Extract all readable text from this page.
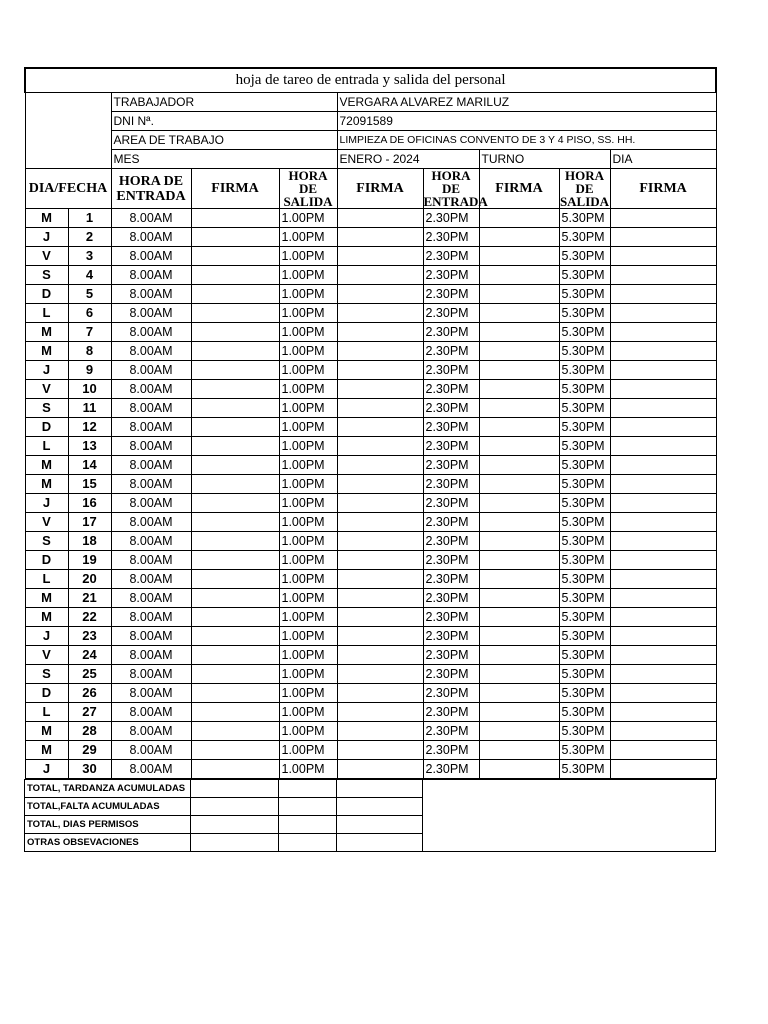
hoja de tareo de entrada y salida del personal										
		TRABAJADOR			VERGARA ALVAREZ MARILUZ					
		DNI Nª.			72091589					
		AREA DE TRABAJO			LIMPIEZA DE OFICINAS CONVENTO DE 3 Y 4 PISO, SS. HH.					
		MES			ENERO - 2024		TURNO		DIA	
DIA/FECHA		HORA DE ENTRADA	FIRMA	HORA DE SALIDA	FIRMA	HORA DE ENTRADA	FIRMA	HORA DE SALIDA	FIRMA	
M	1	8.00AM		1.00PM		2.30PM		5.30PM		
J	2	8.00AM		1.00PM		2.30PM		5.30PM		
V	3	8.00AM		1.00PM		2.30PM		5.30PM		
S	4	8.00AM		1.00PM		2.30PM		5.30PM		
D	5	8.00AM		1.00PM		2.30PM		5.30PM		
L	6	8.00AM		1.00PM		2.30PM		5.30PM		
M	7	8.00AM		1.00PM		2.30PM		5.30PM		
M	8	8.00AM		1.00PM		2.30PM		5.30PM		
J	9	8.00AM		1.00PM		2.30PM		5.30PM		
V	10	8.00AM		1.00PM		2.30PM		5.30PM		
S	11	8.00AM		1.00PM		2.30PM		5.30PM		
D	12	8.00AM		1.00PM		2.30PM		5.30PM		
L	13	8.00AM		1.00PM		2.30PM		5.30PM		
M	14	8.00AM		1.00PM		2.30PM		5.30PM		
M	15	8.00AM		1.00PM		2.30PM		5.30PM		
J	16	8.00AM		1.00PM		2.30PM		5.30PM		
V	17	8.00AM		1.00PM		2.30PM		5.30PM		
S	18	8.00AM		1.00PM		2.30PM		5.30PM		
D	19	8.00AM		1.00PM		2.30PM		5.30PM		
L	20	8.00AM		1.00PM		2.30PM		5.30PM		
M	21	8.00AM		1.00PM		2.30PM		5.30PM		
M	22	8.00AM		1.00PM		2.30PM		5.30PM		
J	23	8.00AM		1.00PM		2.30PM		5.30PM		
V	24	8.00AM		1.00PM		2.30PM		5.30PM		
S	25	8.00AM		1.00PM		2.30PM		5.30PM		
D	26	8.00AM		1.00PM		2.30PM		5.30PM		
L	27	8.00AM		1.00PM		2.30PM		5.30PM		
M	28	8.00AM		1.00PM		2.30PM		5.30PM		
M	29	8.00AM		1.00PM		2.30PM		5.30PM		
J	30	8.00AM		1.00PM		2.30PM		5.30PM		
TOTAL, TARDANZA ACUMULADAS				
TOTAL,FALTA ACUMULADAS				
TOTAL, DIAS PERMISOS				
OTRAS OBSEVACIONES				
